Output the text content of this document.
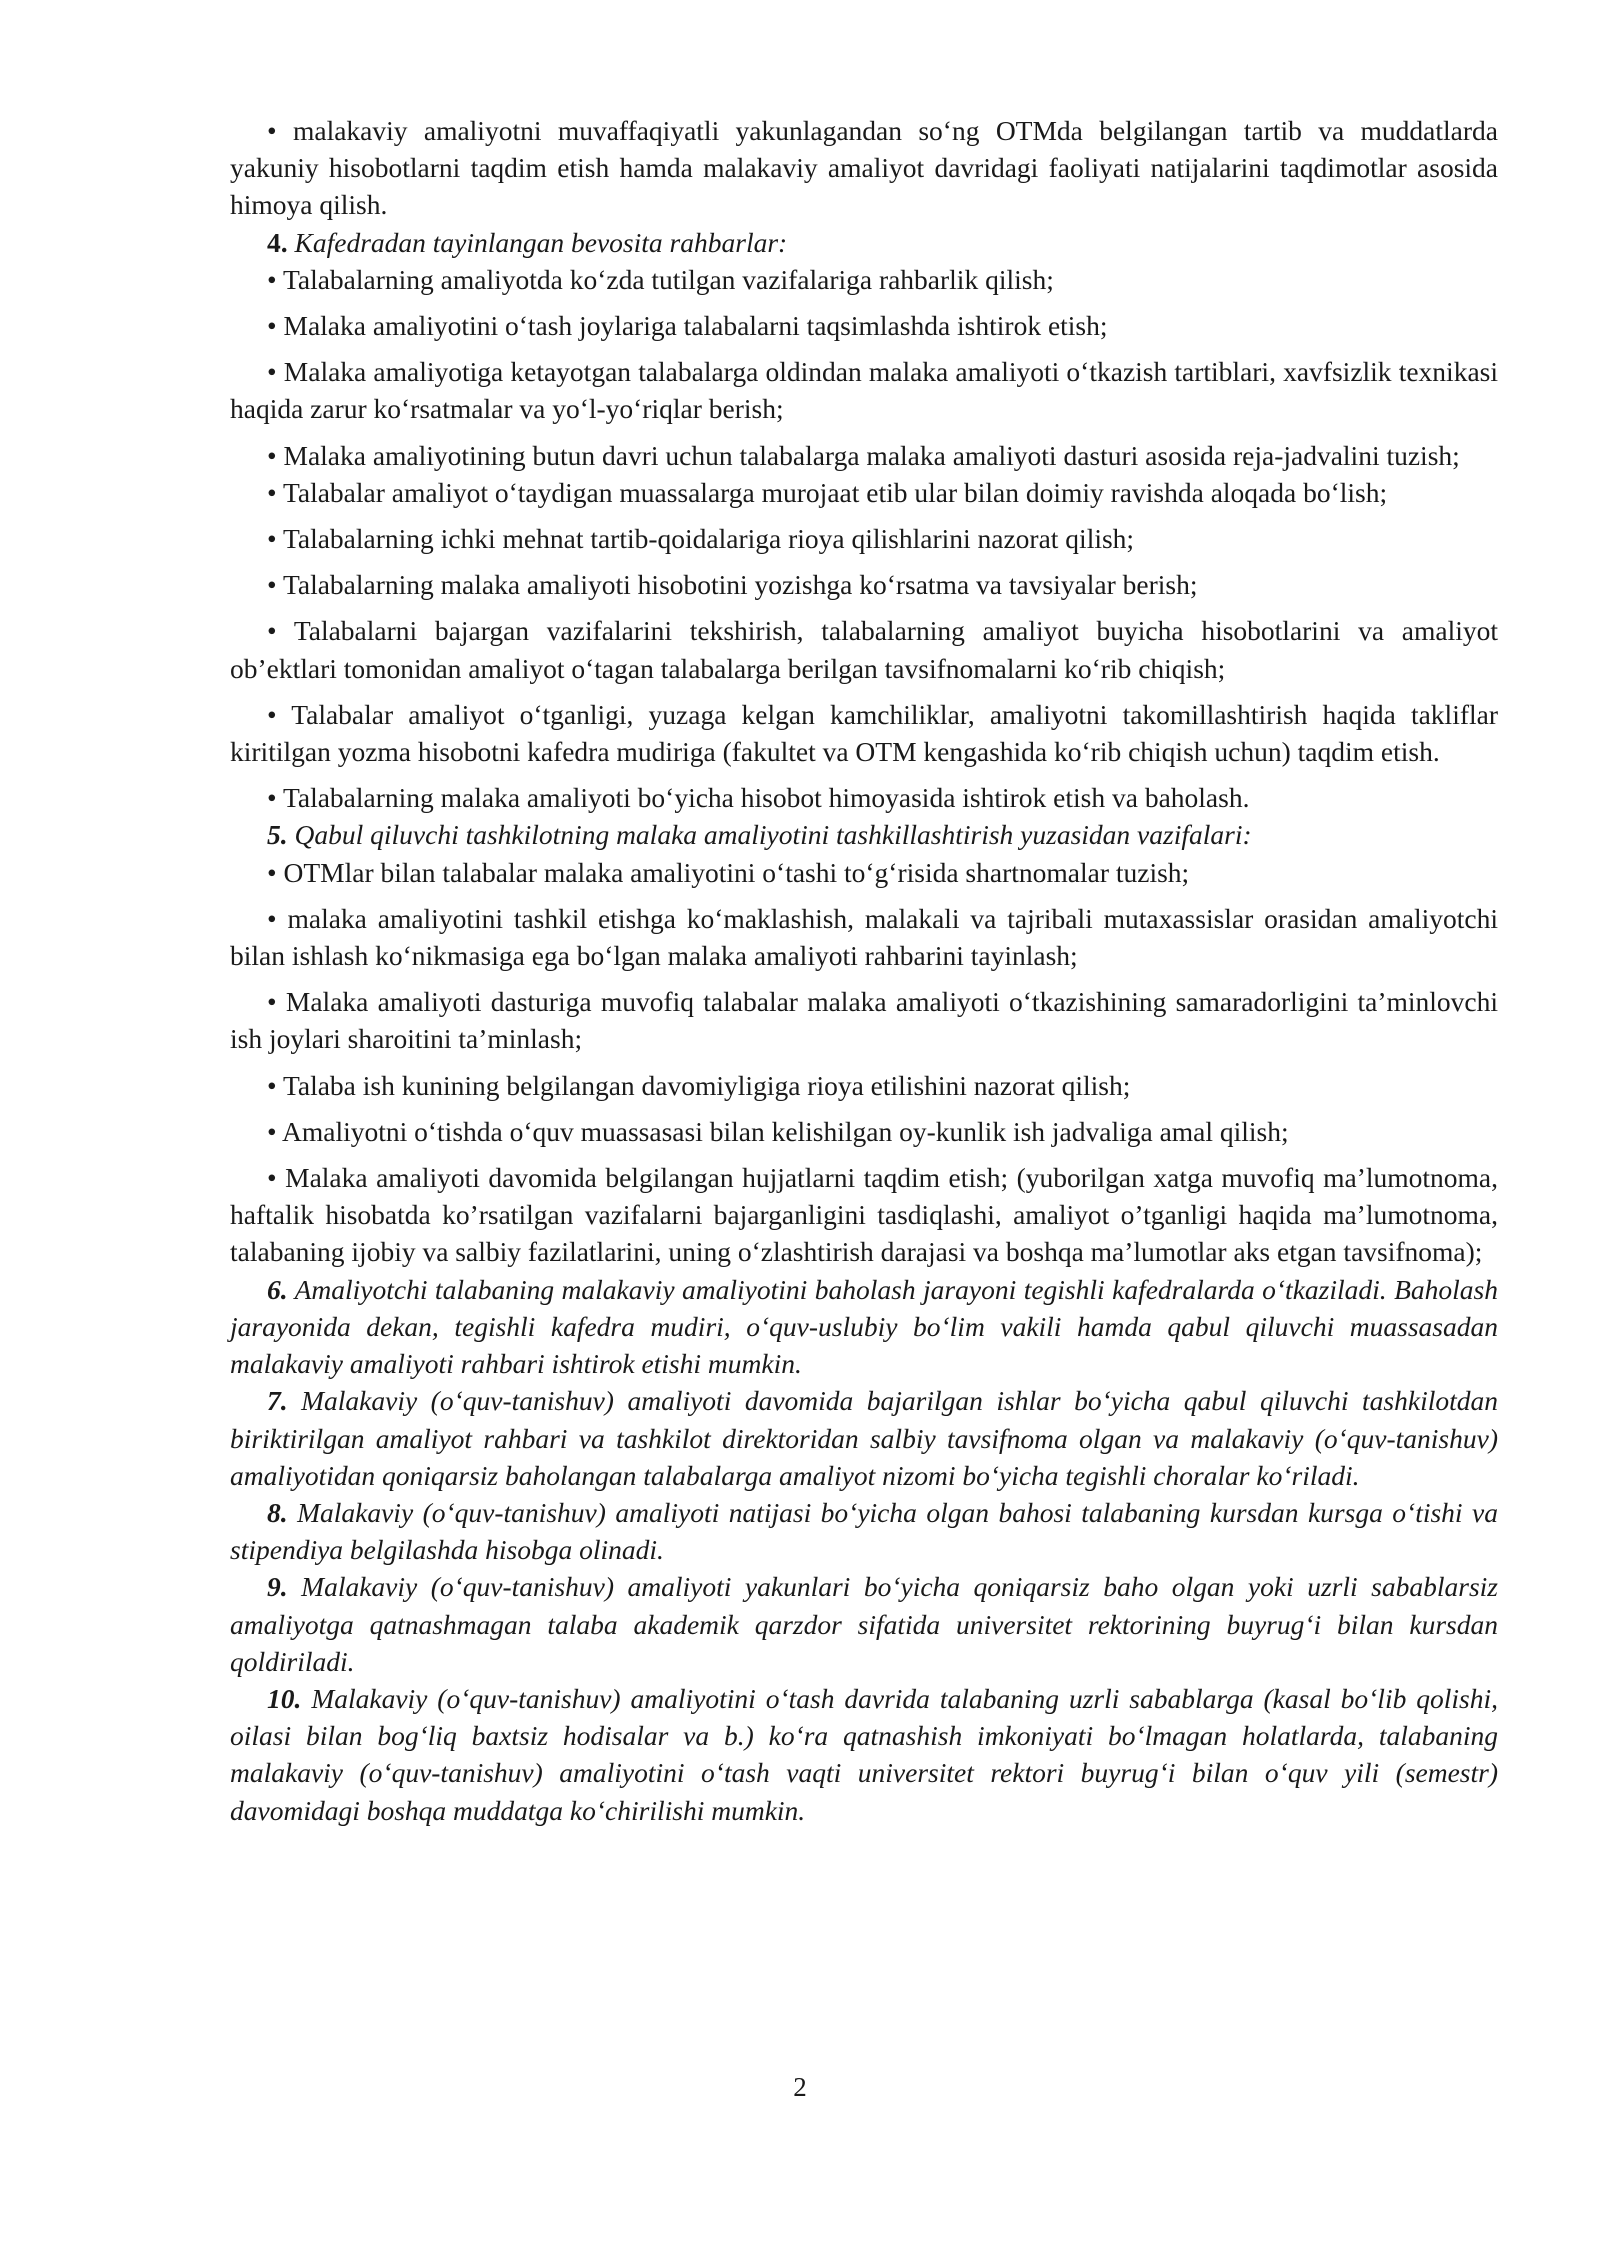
• malakaviy amaliyotni muvaffaqiyatli yakunlagandan so‘ng OTMda belgilangan tartib va muddatlarda yakuniy hisobotlarni taqdim etish hamda malakaviy amaliyot davridagi faoliyati natijalarini taqdimotlar asosida himoya qilish.

4. Kafedradan tayinlangan bevosita rahbarlar:

• Talabalarning amaliyotda ko‘zda tutilgan vazifalariga rahbarlik qilish;

• Malaka amaliyotini o‘tash joylariga talabalarni taqsimlashda ishtirok etish;

• Malaka amaliyotiga ketayotgan talabalarga oldindan malaka amaliyoti o‘tkazish tartiblari, xavfsizlik texnikasi haqida zarur ko‘rsatmalar va yo‘l-yo‘riqlar berish;

• Malaka amaliyotining butun davri uchun talabalarga malaka amaliyoti dasturi asosida reja-jadvalini tuzish;

• Talabalar amaliyot o‘taydigan muassalarga murojaat etib ular bilan doimiy ravishda aloqada bo‘lish;

• Talabalarning ichki mehnat tartib-qoidalariga rioya qilishlarini nazorat qilish;

• Talabalarning malaka amaliyoti hisobotini yozishga ko‘rsatma va tavsiyalar berish;

• Talabalarni bajargan vazifalarini tekshirish, talabalarning amaliyot buyicha hisobotlarini va amaliyot ob’ektlari tomonidan amaliyot o‘tagan talabalarga berilgan tavsifnomalarni ko‘rib chiqish;

• Talabalar amaliyot o‘tganligi, yuzaga kelgan kamchiliklar, amaliyotni takomillashtirish haqida takliflar kiritilgan yozma hisobotni kafedra mudiriga (fakultet va OTM kengashida ko‘rib chiqish uchun) taqdim etish.

• Talabalarning malaka amaliyoti bo‘yicha hisobot himoyasida ishtirok etish va baholash.

5. Qabul qiluvchi tashkilotning malaka amaliyotini tashkillashtirish yuzasidan vazifalari:

• OTMlar bilan talabalar malaka amaliyotini o‘tashi to‘g‘risida shartnomalar tuzish;

• malaka amaliyotini tashkil etishga ko‘maklashish, malakali va tajribali mutaxassislar orasidan amaliyotchi bilan ishlash ko‘nikmasiga ega bo‘lgan malaka amaliyoti rahbarini tayinlash;

• Malaka amaliyoti dasturiga muvofiq talabalar malaka amaliyoti o‘tkazishining samaradorligini ta’minlovchi ish joylari sharoitini ta’minlash;

• Talaba ish kunining belgilangan davomiyligiga rioya etilishini nazorat qilish;

• Amaliyotni o‘tishda o‘quv muassasasi bilan kelishilgan oy-kunlik ish jadvaliga amal qilish;

• Malaka amaliyoti davomida belgilangan hujjatlarni taqdim etish; (yuborilgan xatga muvofiq ma’lumotnoma, haftalik hisobatda ko’rsatilgan vazifalarni bajarganligini tasdiqlashi, amaliyot o’tganligi haqida ma’lumotnoma, talabaning ijobiy va salbiy fazilatlarini, uning o‘zlashtirish darajasi va boshqa ma’lumotlar aks etgan tavsifnoma);

6. Amaliyotchi talabaning malakaviy amaliyotini baholash jarayoni tegishli kafedralarda o‘tkaziladi. Baholash jarayonida dekan, tegishli kafedra mudiri, o‘quv-uslubiy bo‘lim vakili hamda qabul qiluvchi muassasadan malakaviy amaliyoti rahbari ishtirok etishi mumkin.

7. Malakaviy (o‘quv-tanishuv) amaliyoti davomida bajarilgan ishlar bo‘yicha qabul qiluvchi tashkilotdan biriktirilgan amaliyot rahbari va tashkilot direktoridan salbiy tavsifnoma olgan va malakaviy (o‘quv-tanishuv) amaliyotidan qoniqarsiz baholangan talabalarga amaliyot nizomi bo‘yicha tegishli choralar ko‘riladi.

8. Malakaviy (o‘quv-tanishuv) amaliyoti natijasi bo‘yicha olgan bahosi talabaning kursdan kursga o‘tishi va stipendiya belgilashda hisobga olinadi.

9. Malakaviy (o‘quv-tanishuv) amaliyoti yakunlari bo‘yicha qoniqarsiz baho olgan yoki uzrli sabablarsiz amaliyotga qatnashmagan talaba akademik qarzdor sifatida universitet rektorining buyrug‘i bilan kursdan qoldiriladi.

10. Malakaviy (o‘quv-tanishuv) amaliyotini o‘tash davrida talabaning uzrli sabablarga (kasal bo‘lib qolishi, oilasi bilan bog‘liq baxtsiz hodisalar va b.) ko‘ra qatnashish imkoniyati bo‘lmagan holatlarda, talabaning malakaviy (o‘quv-tanishuv) amaliyotini o‘tash vaqti universitet rektori buyrug‘i bilan o‘quv yili (semestr) davomidagi boshqa muddatga ko‘chirilishi mumkin.

2
